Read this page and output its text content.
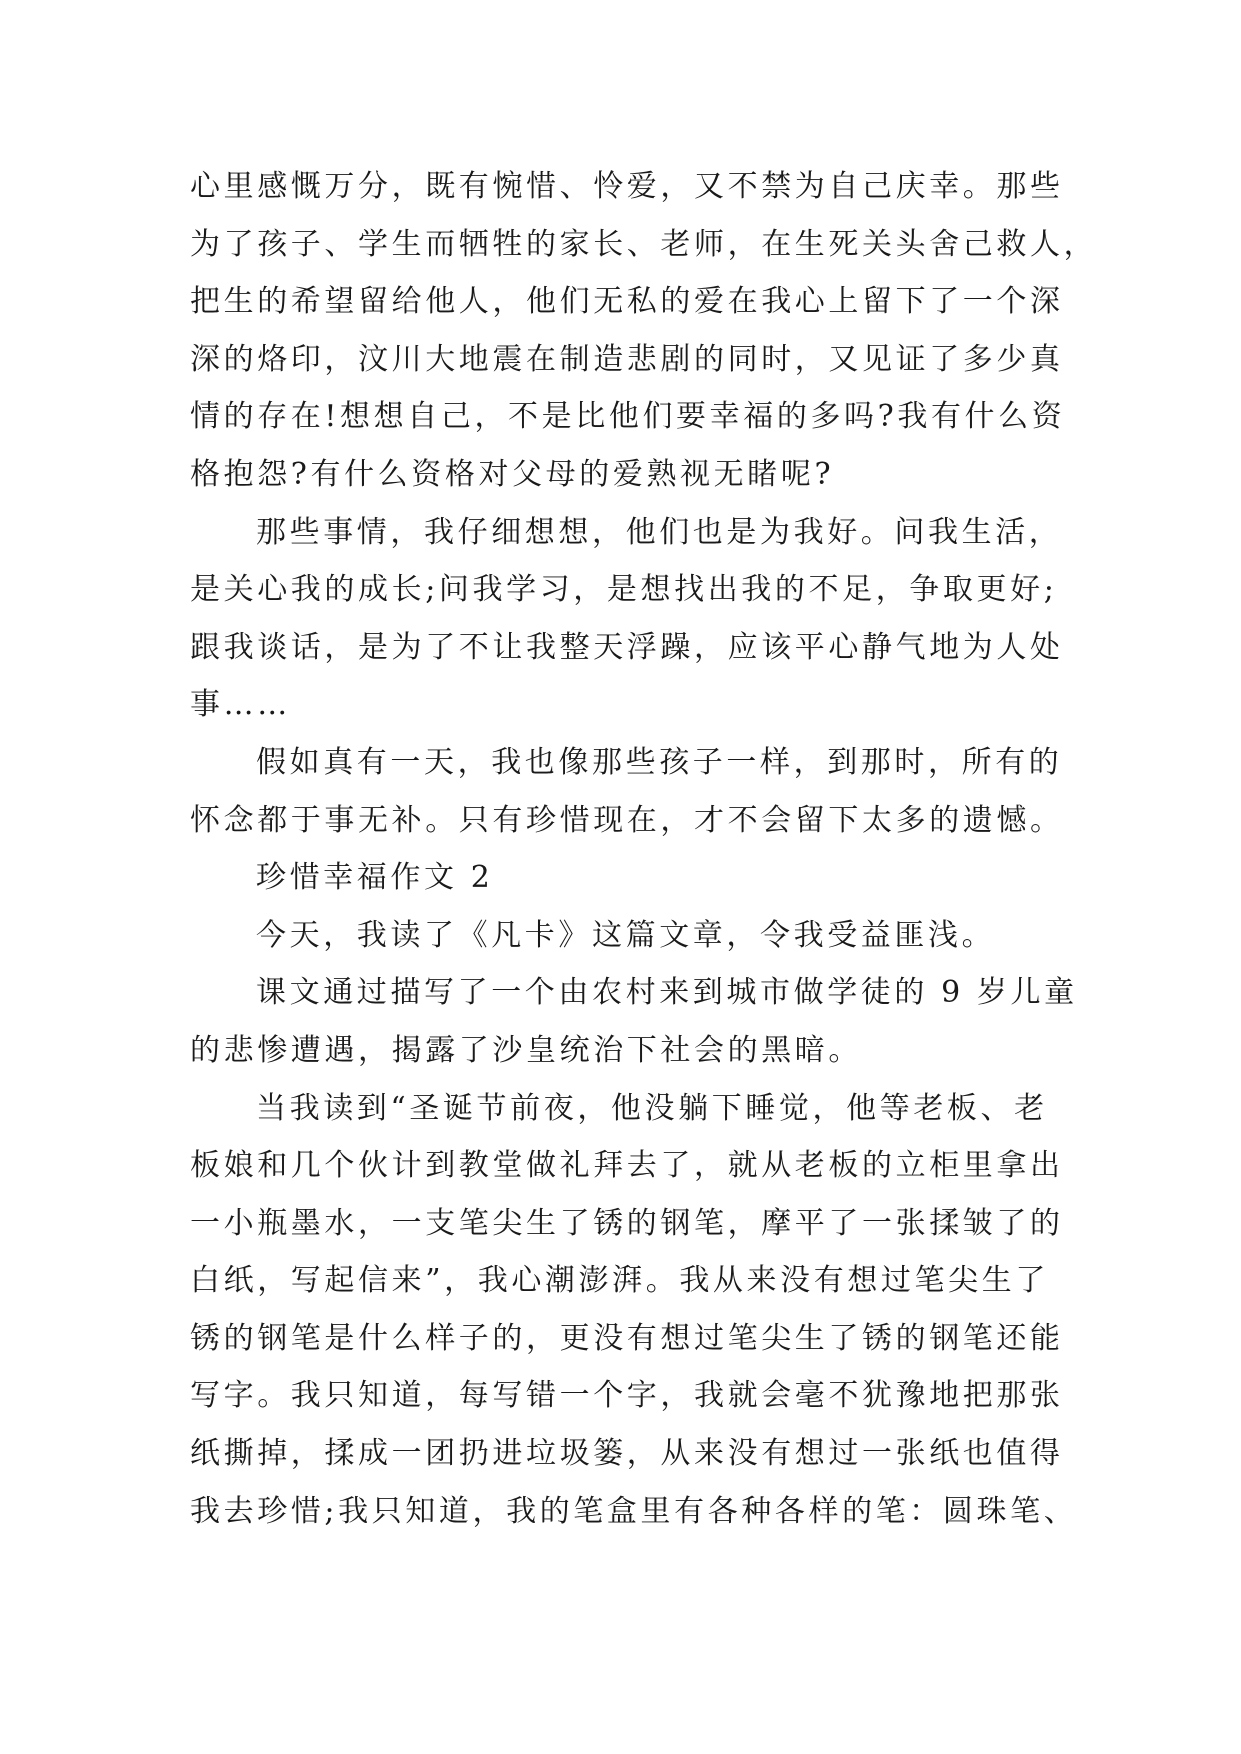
心里感慨万分，既有惋惜、怜爱，又不禁为自己庆幸。那些
为了孩子、学生而牺牲的家长、老师，在生死关头舍己救人，
把生的希望留给他人，他们无私的爱在我心上留下了一个深
深的烙印，汶川大地震在制造悲剧的同时，又见证了多少真
情的存在!想想自己，不是比他们要幸福的多吗?我有什么资
格抱怨?有什么资格对父母的爱熟视无睹呢?
那些事情，我仔细想想，他们也是为我好。问我生活，
是关心我的成长;问我学习，是想找出我的不足，争取更好;
跟我谈话，是为了不让我整天浮躁，应该平心静气地为人处
事……
假如真有一天，我也像那些孩子一样，到那时，所有的
怀念都于事无补。只有珍惜现在，才不会留下太多的遗憾。
珍惜幸福作文 2
今天，我读了《凡卡》这篇文章，令我受益匪浅。
课文通过描写了一个由农村来到城市做学徒的 9 岁儿童
的悲惨遭遇，揭露了沙皇统治下社会的黑暗。
当我读到“圣诞节前夜，他没躺下睡觉，他等老板、老
板娘和几个伙计到教堂做礼拜去了，就从老板的立柜里拿出
一小瓶墨水，一支笔尖生了锈的钢笔，摩平了一张揉皱了的
白纸，写起信来”，我心潮澎湃。我从来没有想过笔尖生了
锈的钢笔是什么样子的，更没有想过笔尖生了锈的钢笔还能
写字。我只知道，每写错一个字，我就会毫不犹豫地把那张
纸撕掉，揉成一团扔进垃圾篓，从来没有想过一张纸也值得
我去珍惜;我只知道，我的笔盒里有各种各样的笔：圆珠笔、
